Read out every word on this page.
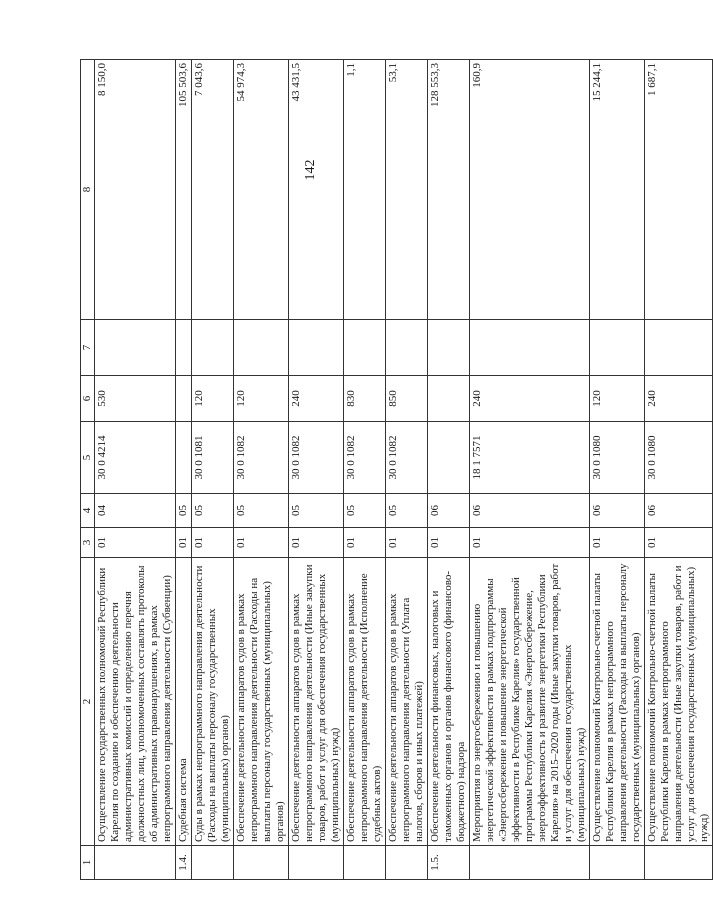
142
1	2	3	4	5	6	7	8
	Осуществление государственных полномочий Республики Карелия по созданию и обеспечению деятельности административных комиссий и определению перечня должностных лиц, уполномоченных составлять протоколы об административных правонарушениях, в рамках непрограммного направления деятельности (Субвенции)	01	04	30 0 4214	530		8 150,0
1.4.	Судебная система	01	05				105 503,6
	Суды в рамках непрограммного направления деятельности (Расходы на выплаты персоналу государственных (муниципальных) органов)	01	05	30 0 1081	120		7 043,6
	Обеспечение деятельности аппаратов судов в рамках непрограммного направления деятельности (Расходы на выплаты персоналу государственных (муниципальных) органов)	01	05	30 0 1082	120		54 974,3
	Обеспечение деятельности аппаратов судов в рамках непрограммного направления деятельности (Иные закупки товаров, работ и услуг для обеспечения государственных (муниципальных) нужд)	01	05	30 0 1082	240		43 431,5
	Обеспечение деятельности аппаратов судов в рамках непрограммного направления деятельности (Исполнение судебных актов)	01	05	30 0 1082	830		1,1
	Обеспечение деятельности аппаратов судов в рамках непрограммного направления деятельности (Уплата налогов, сборов и иных платежей)	01	05	30 0 1082	850		53,1
1.5.	Обеспечение деятельности финансовых, налоговых и таможенных органов и органов финансового (финансово-бюджетного) надзора	01	06				128 553,3
	Мероприятия по энергосбережению и повышению энергетической эффективности в рамках подпрограммы «Энергосбережение и повышение энергетической эффективности в Республике Карелия» государственной программы Республики Карелия «Энергосбережение, энергоэффективность и развитие энергетики Республики Карелия» на 2015–2020 годы (Иные закупки товаров, работ и услуг для обеспечения государственных (муниципальных) нужд)	01	06	18 1 7571	240		160,9
	Осуществление полномочий Контрольно-счетной палаты Республики Карелия в рамках непрограммного направления деятельности (Расходы на выплаты персоналу государственных (муниципальных) органов)	01	06	30 0 1080	120		15 244,1
	Осуществление полномочий Контрольно-счетной палаты Республики Карелия в рамках непрограммного направления деятельности (Иные закупки товаров, работ и услуг для обеспечения государственных (муниципальных) нужд)	01	06	30 0 1080	240		1 687,1
